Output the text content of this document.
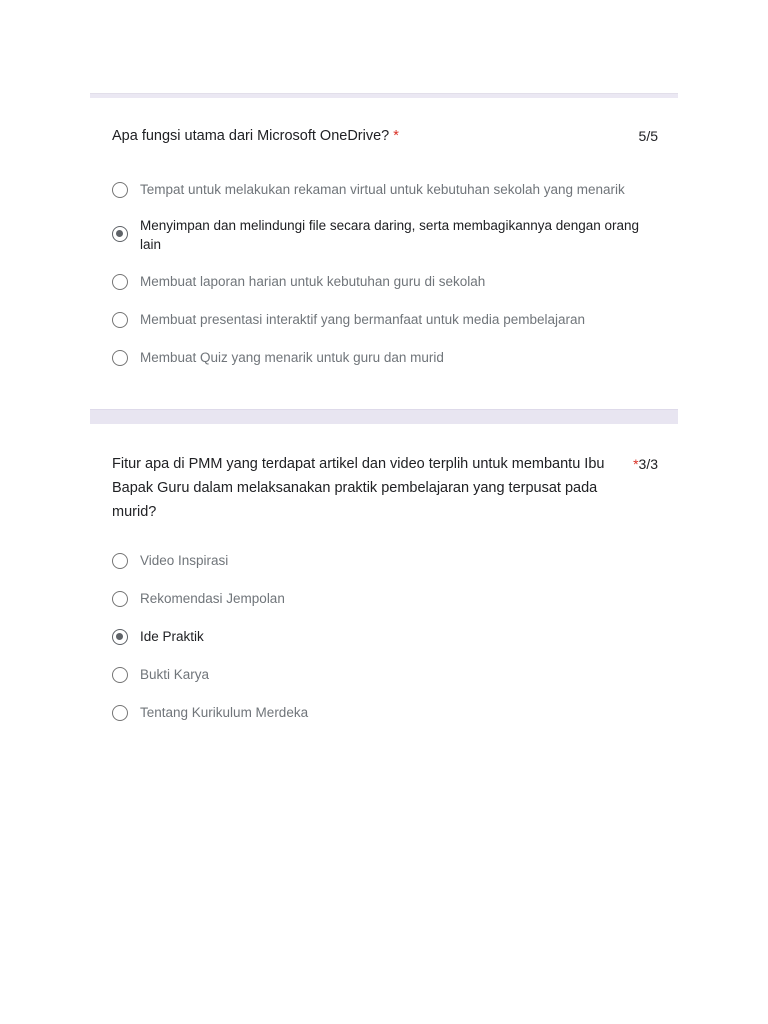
Apa fungsi utama dari Microsoft OneDrive? *	5/5
Tempat untuk melakukan rekaman virtual untuk kebutuhan sekolah yang menarik
Menyimpan dan melindungi file secara daring, serta membagikannya dengan orang lain
Membuat laporan harian untuk kebutuhan guru di sekolah
Membuat presentasi interaktif yang bermanfaat untuk media pembelajaran
Membuat Quiz yang menarik untuk guru dan murid
Fitur apa di PMM yang terdapat artikel dan video terplih untuk membantu Ibu Bapak Guru dalam melaksanakan praktik pembelajaran yang terpusat pada murid?
*3/3
Video Inspirasi
Rekomendasi Jempolan
Ide Praktik
Bukti Karya
Tentang Kurikulum Merdeka
